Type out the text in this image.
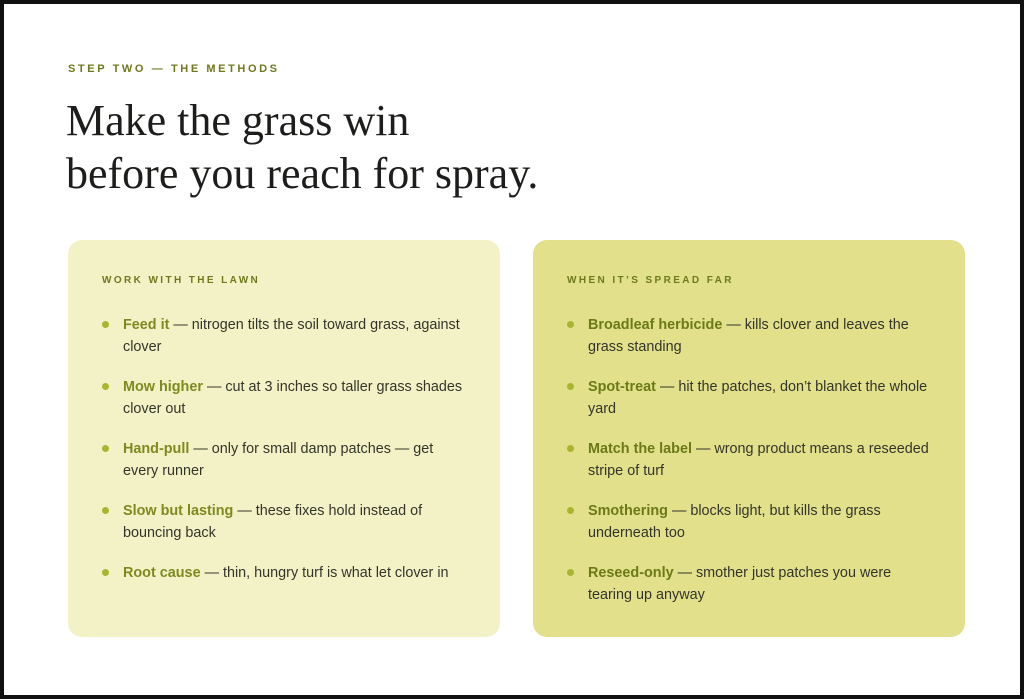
STEP TWO — THE METHODS
Make the grass win
before you reach for spray.
WORK WITH THE LAWN
Feed it — nitrogen tilts the soil toward grass, against clover
Mow higher — cut at 3 inches so taller grass shades clover out
Hand-pull — only for small damp patches — get every runner
Slow but lasting — these fixes hold instead of bouncing back
Root cause — thin, hungry turf is what let clover in
WHEN IT’S SPREAD FAR
Broadleaf herbicide — kills clover and leaves the grass standing
Spot-treat — hit the patches, don’t blanket the whole yard
Match the label — wrong product means a reseeded stripe of turf
Smothering — blocks light, but kills the grass underneath too
Reseed-only — smother just patches you were tearing up anyway
